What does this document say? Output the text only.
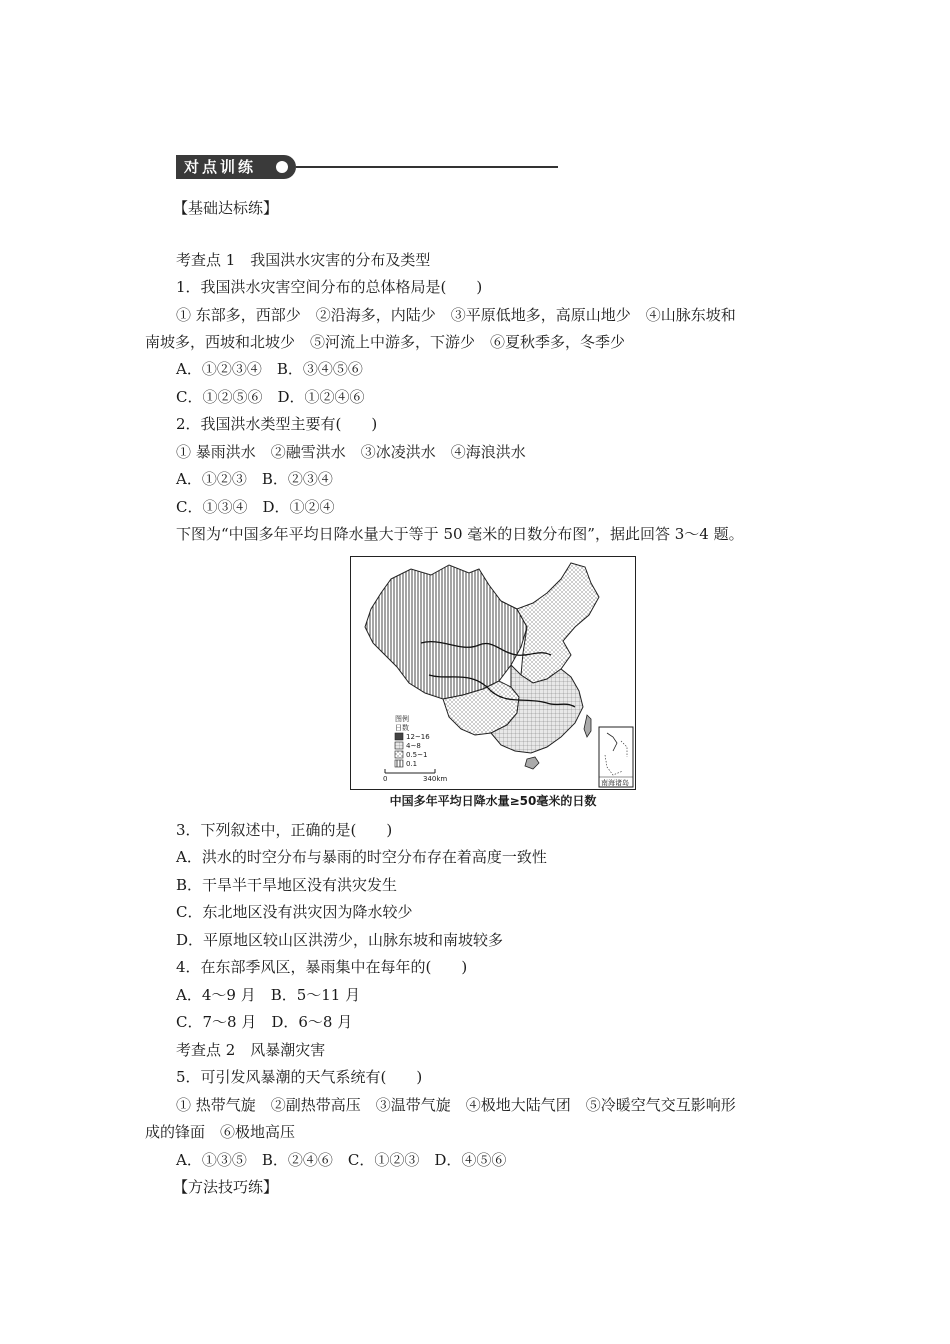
对点训练
【基础达标练】
考查点 1　我国洪水灾害的分布及类型
1．我国洪水灾害空间分布的总体格局是(　　)
① 东部多，西部少　②沿海多，内陆少　③平原低地多，高原山地少　④山脉东坡和
南坡多，西坡和北坡少　⑤河流上中游多，下游少　⑥夏秋季多，冬季少
A．①②③④　B．③④⑤⑥
C．①②⑤⑥　D．①②④⑥
2．我国洪水类型主要有(　　)
① 暴雨洪水　②融雪洪水　③冰凌洪水　④海浪洪水
A．①②③　B．②③④
C．①③④　D．①②④
下图为“中国多年平均日降水量大于等于 50 毫米的日数分布图”，据此回答 3～4 题。
图例
日数
12~16
4~8
0.5~1
0.1
0	340km	南海诸岛
中国多年平均日降水量≥50毫米的日数
3．下列叙述中，正确的是(　　)
A．洪水的时空分布与暴雨的时空分布存在着高度一致性
B．干旱半干旱地区没有洪灾发生
C．东北地区没有洪灾因为降水较少
D．平原地区较山区洪涝少，山脉东坡和南坡较多
4．在东部季风区，暴雨集中在每年的(　　)
A．4～9 月　B．5～11 月
C．7～8 月　D．6～8 月
考查点 2　风暴潮灾害
5．可引发风暴潮的天气系统有(　　)
① 热带气旋　②副热带高压　③温带气旋　④极地大陆气团　⑤冷暖空气交互影响形
成的锋面　⑥极地高压
A．①③⑤　B．②④⑥　C．①②③　D．④⑤⑥
【方法技巧练】
